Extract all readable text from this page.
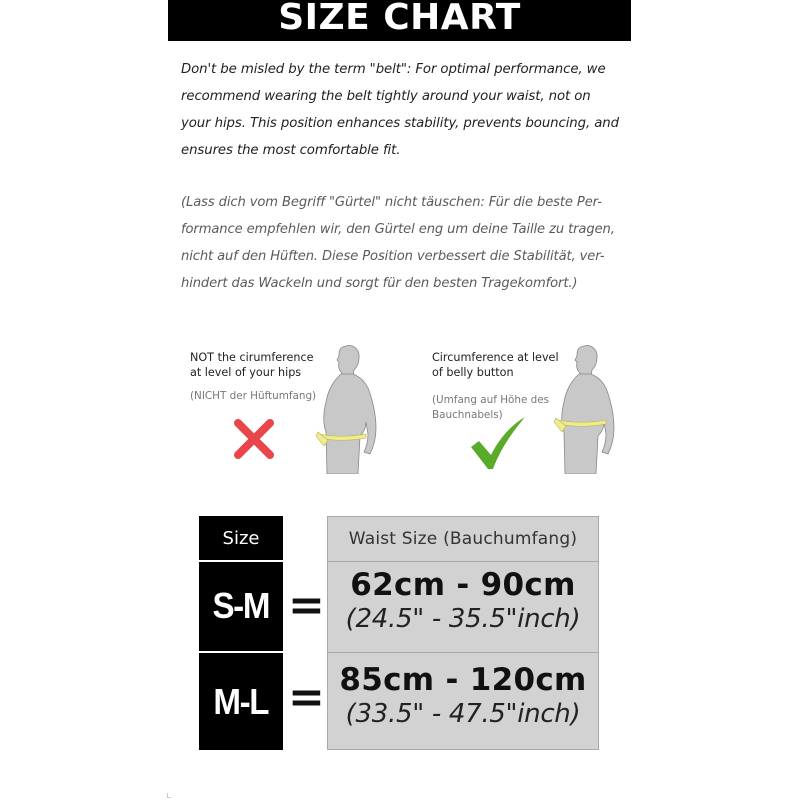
SIZE CHART
Don't be misled by the term "belt": For optimal performance, we
recommend wearing the belt tightly around your waist, not on
your hips. This position enhances stability, prevents bouncing, and
ensures the most comfortable fit.
(Lass dich vom Begriff "Gürtel" nicht täuschen: Für die beste Per-
formance empfehlen wir, den Gürtel eng um deine Taille zu tragen,
nicht auf den Hüften. Diese Position verbessert die Stabilität, ver-
hindert das Wackeln und sorgt für den besten Tragekomfort.)
NOT the cirumference
at level of your hips
(NICHT der Hüftumfang)
Circumference at level
of belly button
(Umfang auf Höhe des
Bauchnabels)
Size
S-M
M-L
=
=
Waist Size (Bauchumfang)
62cm - 90cm
(24.5" - 35.5"inch)
85cm - 120cm
(33.5" - 47.5"inch)
